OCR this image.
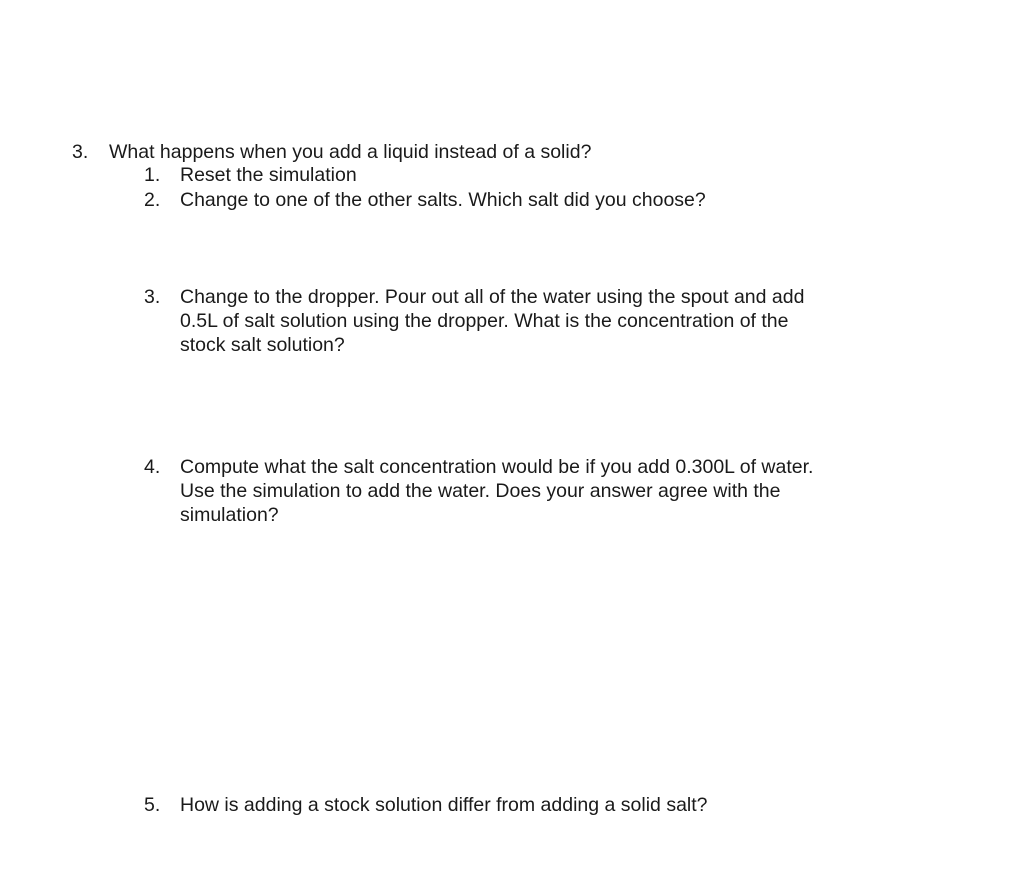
3.	What happens when you add a liquid instead of a solid?
1.	Reset the simulation
2.	Change to one of the other salts. Which salt did you choose?
3.	Change to the dropper. Pour out all of the water using the spout and add
0.5L of salt solution using the dropper. What is the concentration of the
stock salt solution?
4.	Compute what the salt concentration would be if you add 0.300L of water.
Use the simulation to add the water. Does your answer agree with the
simulation?
5.	How is adding a stock solution differ from adding a solid salt?
